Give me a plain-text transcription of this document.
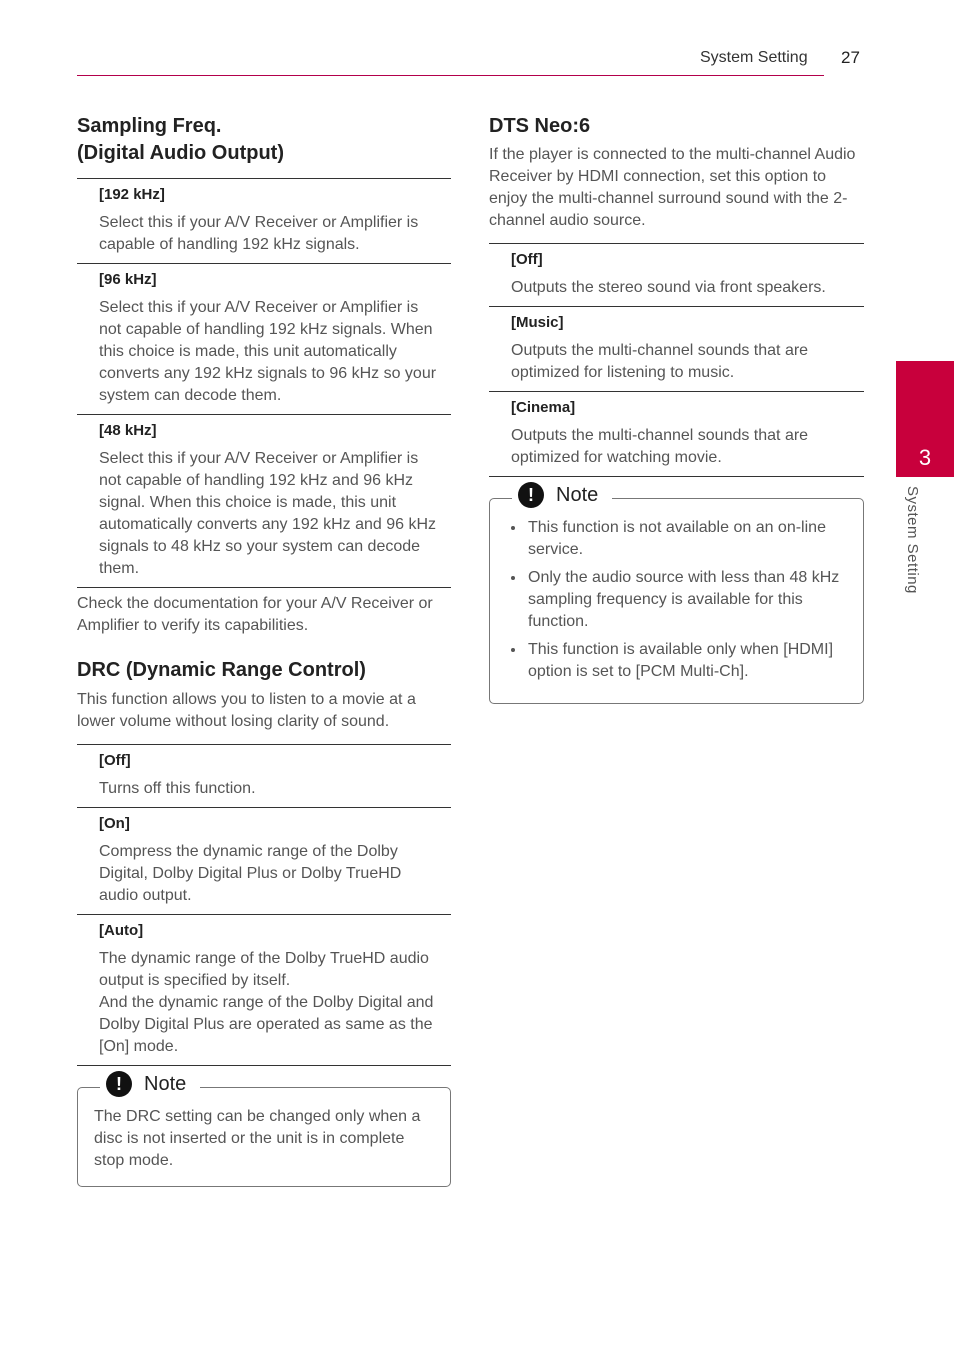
System Setting 27
3
System Setting
Sampling Freq.
(Digital Audio Output)

[192 kHz]

Select this if your A/V Receiver or Amplifier is capable of handling 192 kHz signals.

[96 kHz]

Select this if your A/V Receiver or Amplifier is not capable of handling 192 kHz signals. When this choice is made, this unit automatically converts any 192 kHz signals to 96 kHz so your system can decode them.

[48 kHz]

Select this if your A/V Receiver or Amplifier is not capable of handling 192 kHz and 96 kHz signal. When this choice is made, this unit automatically converts any 192 kHz and 96 kHz signals to 48 kHz so your system can decode them.

Check the documentation for your A/V Receiver or Amplifier to verify its capabilities.

DRC (Dynamic Range Control)

This function allows you to listen to a movie at a lower volume without losing clarity of sound.

[Off]

Turns off this function.

[On]

Compress the dynamic range of the Dolby Digital, Dolby Digital Plus or Dolby TrueHD audio output.

[Auto]

The dynamic range of the Dolby TrueHD audio output is specified by itself.

And the dynamic range of the Dolby Digital and Dolby Digital Plus are operated as same as the [On] mode.

!	Note

The DRC setting can be changed only when a disc is not inserted or the unit is in complete stop mode.

DTS Neo:6

If the player is connected to the multi-channel Audio Receiver by HDMI connection, set this option to enjoy the multi-channel surround sound with the 2-channel audio source.

[Off]

Outputs the stereo sound via front speakers.

[Music]

Outputs the multi-channel sounds that are optimized for listening to music.

[Cinema]

Outputs the multi-channel sounds that are optimized for watching movie.

!	Note
• This function is not available on an on-line service.
• Only the audio source with less than 48 kHz sampling frequency is available for this function.
• This function is available only when [HDMI] option is set to [PCM Multi-Ch].
